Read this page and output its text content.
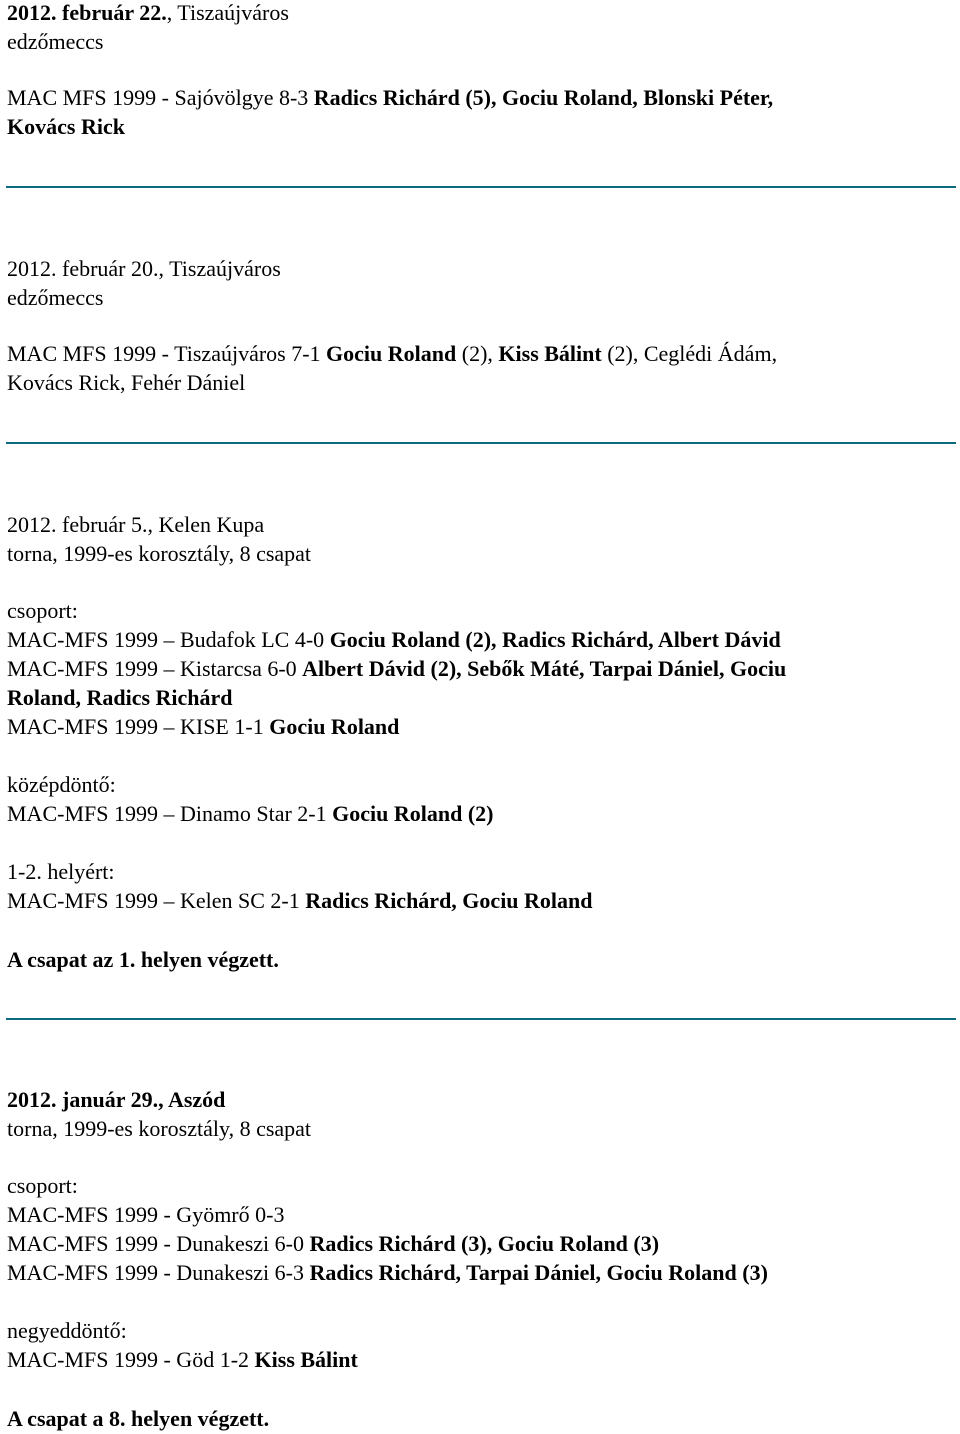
2012. február 22., Tiszaújváros
edzőmeccs
MAC MFS 1999 - Sajóvölgye 8-3 Radics Richárd (5), Gociu Roland, Blonski Péter,
Kovács Rick
2012. február 20., Tiszaújváros
edzőmeccs
MAC MFS 1999 - Tiszaújváros 7-1 Gociu Roland (2), Kiss Bálint (2), Ceglédi Ádám,
Kovács Rick, Fehér Dániel
2012. február 5., Kelen Kupa
torna, 1999-es korosztály, 8 csapat
csoport:
MAC-MFS 1999 – Budafok LC 4-0 Gociu Roland (2), Radics Richárd, Albert Dávid
MAC-MFS 1999 – Kistarcsa 6-0 Albert Dávid (2), Sebők Máté, Tarpai Dániel, Gociu
Roland, Radics Richárd
MAC-MFS 1999 – KISE 1-1 Gociu Roland
középdöntő:
MAC-MFS 1999 – Dinamo Star 2-1 Gociu Roland (2)
1-2. helyért:
MAC-MFS 1999 – Kelen SC 2-1 Radics Richárd, Gociu Roland
A csapat az 1. helyen végzett.
2012. január 29., Aszód
torna, 1999-es korosztály, 8 csapat
csoport:
MAC-MFS 1999 - Gyömrő 0-3
MAC-MFS 1999 - Dunakeszi 6-0 Radics Richárd (3), Gociu Roland (3)
MAC-MFS 1999 - Dunakeszi 6-3 Radics Richárd, Tarpai Dániel, Gociu Roland (3)
negyeddöntő:
MAC-MFS 1999 - Göd 1-2 Kiss Bálint
A csapat a 8. helyen végzett.
